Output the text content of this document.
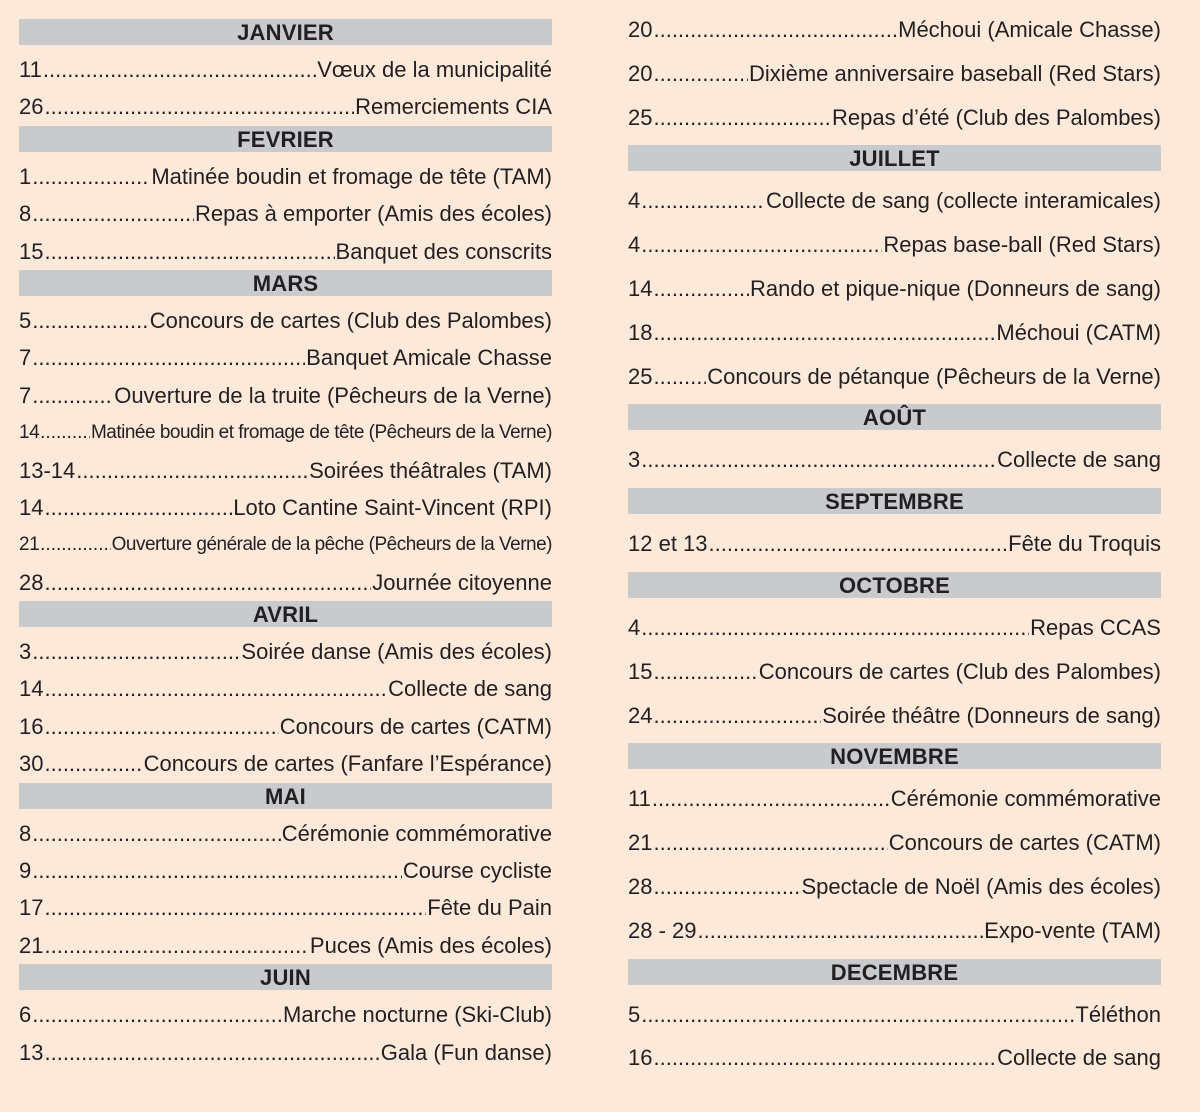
JANVIER
11 .....	Vœux de la municipalité
26 .....	Remerciements CIA
FEVRIER
1 .....	Matinée boudin et fromage de tête (TAM)
8 .....	Repas à emporter (Amis des écoles)
15 .....	Banquet des conscrits
MARS
5 .....	Concours de cartes (Club des Palombes)
7 .....	Banquet Amicale Chasse
7 .....	Ouverture de la truite (Pêcheurs de la Verne)
14 .....	Matinée boudin et fromage de tête (Pêcheurs de la Verne)
13-14 .....	Soirées théâtrales (TAM)
14 .....	Loto Cantine Saint-Vincent (RPI)
21 .....	Ouverture générale de la pêche (Pêcheurs de la Verne)
28 .....	Journée citoyenne
AVRIL
3 .....	Soirée danse (Amis des écoles)
14 .....	Collecte de sang
16 .....	Concours de cartes (CATM)
30 .....	Concours de cartes (Fanfare l’Espérance)
MAI
8 .....	Cérémonie commémorative
9 .....	Course cycliste
17 .....	Fête du Pain
21 .....	Puces (Amis des écoles)
JUIN
6 .....	Marche nocturne (Ski-Club)
13 .....	Gala (Fun danse)
20 .....	Méchoui (Amicale Chasse)
20 .....	Dixième anniversaire baseball (Red Stars)
25 .....	Repas d’été (Club des Palombes)
JUILLET
4 .....	Collecte de sang (collecte interamicales)
4 .....	Repas base-ball (Red Stars)
14 .....	Rando et pique-nique (Donneurs de sang)
18 .....	Méchoui (CATM)
25 ..... Concours de pétanque (Pêcheurs de la Verne)
AOÛT
3 .....	Collecte de sang
SEPTEMBRE
12 et 13 .....	Fête du Troquis
OCTOBRE
4 .....	Repas CCAS
15 .....	Concours de cartes (Club des Palombes)
24 .....	Soirée théâtre (Donneurs de sang)
NOVEMBRE
11 .....	Cérémonie commémorative
21 .....	Concours de cartes (CATM)
28 .....	Spectacle de Noël (Amis des écoles)
28 - 29 .....	Expo-vente (TAM)
DECEMBRE
5 .....	Téléthon
16 .....	Collecte de sang
